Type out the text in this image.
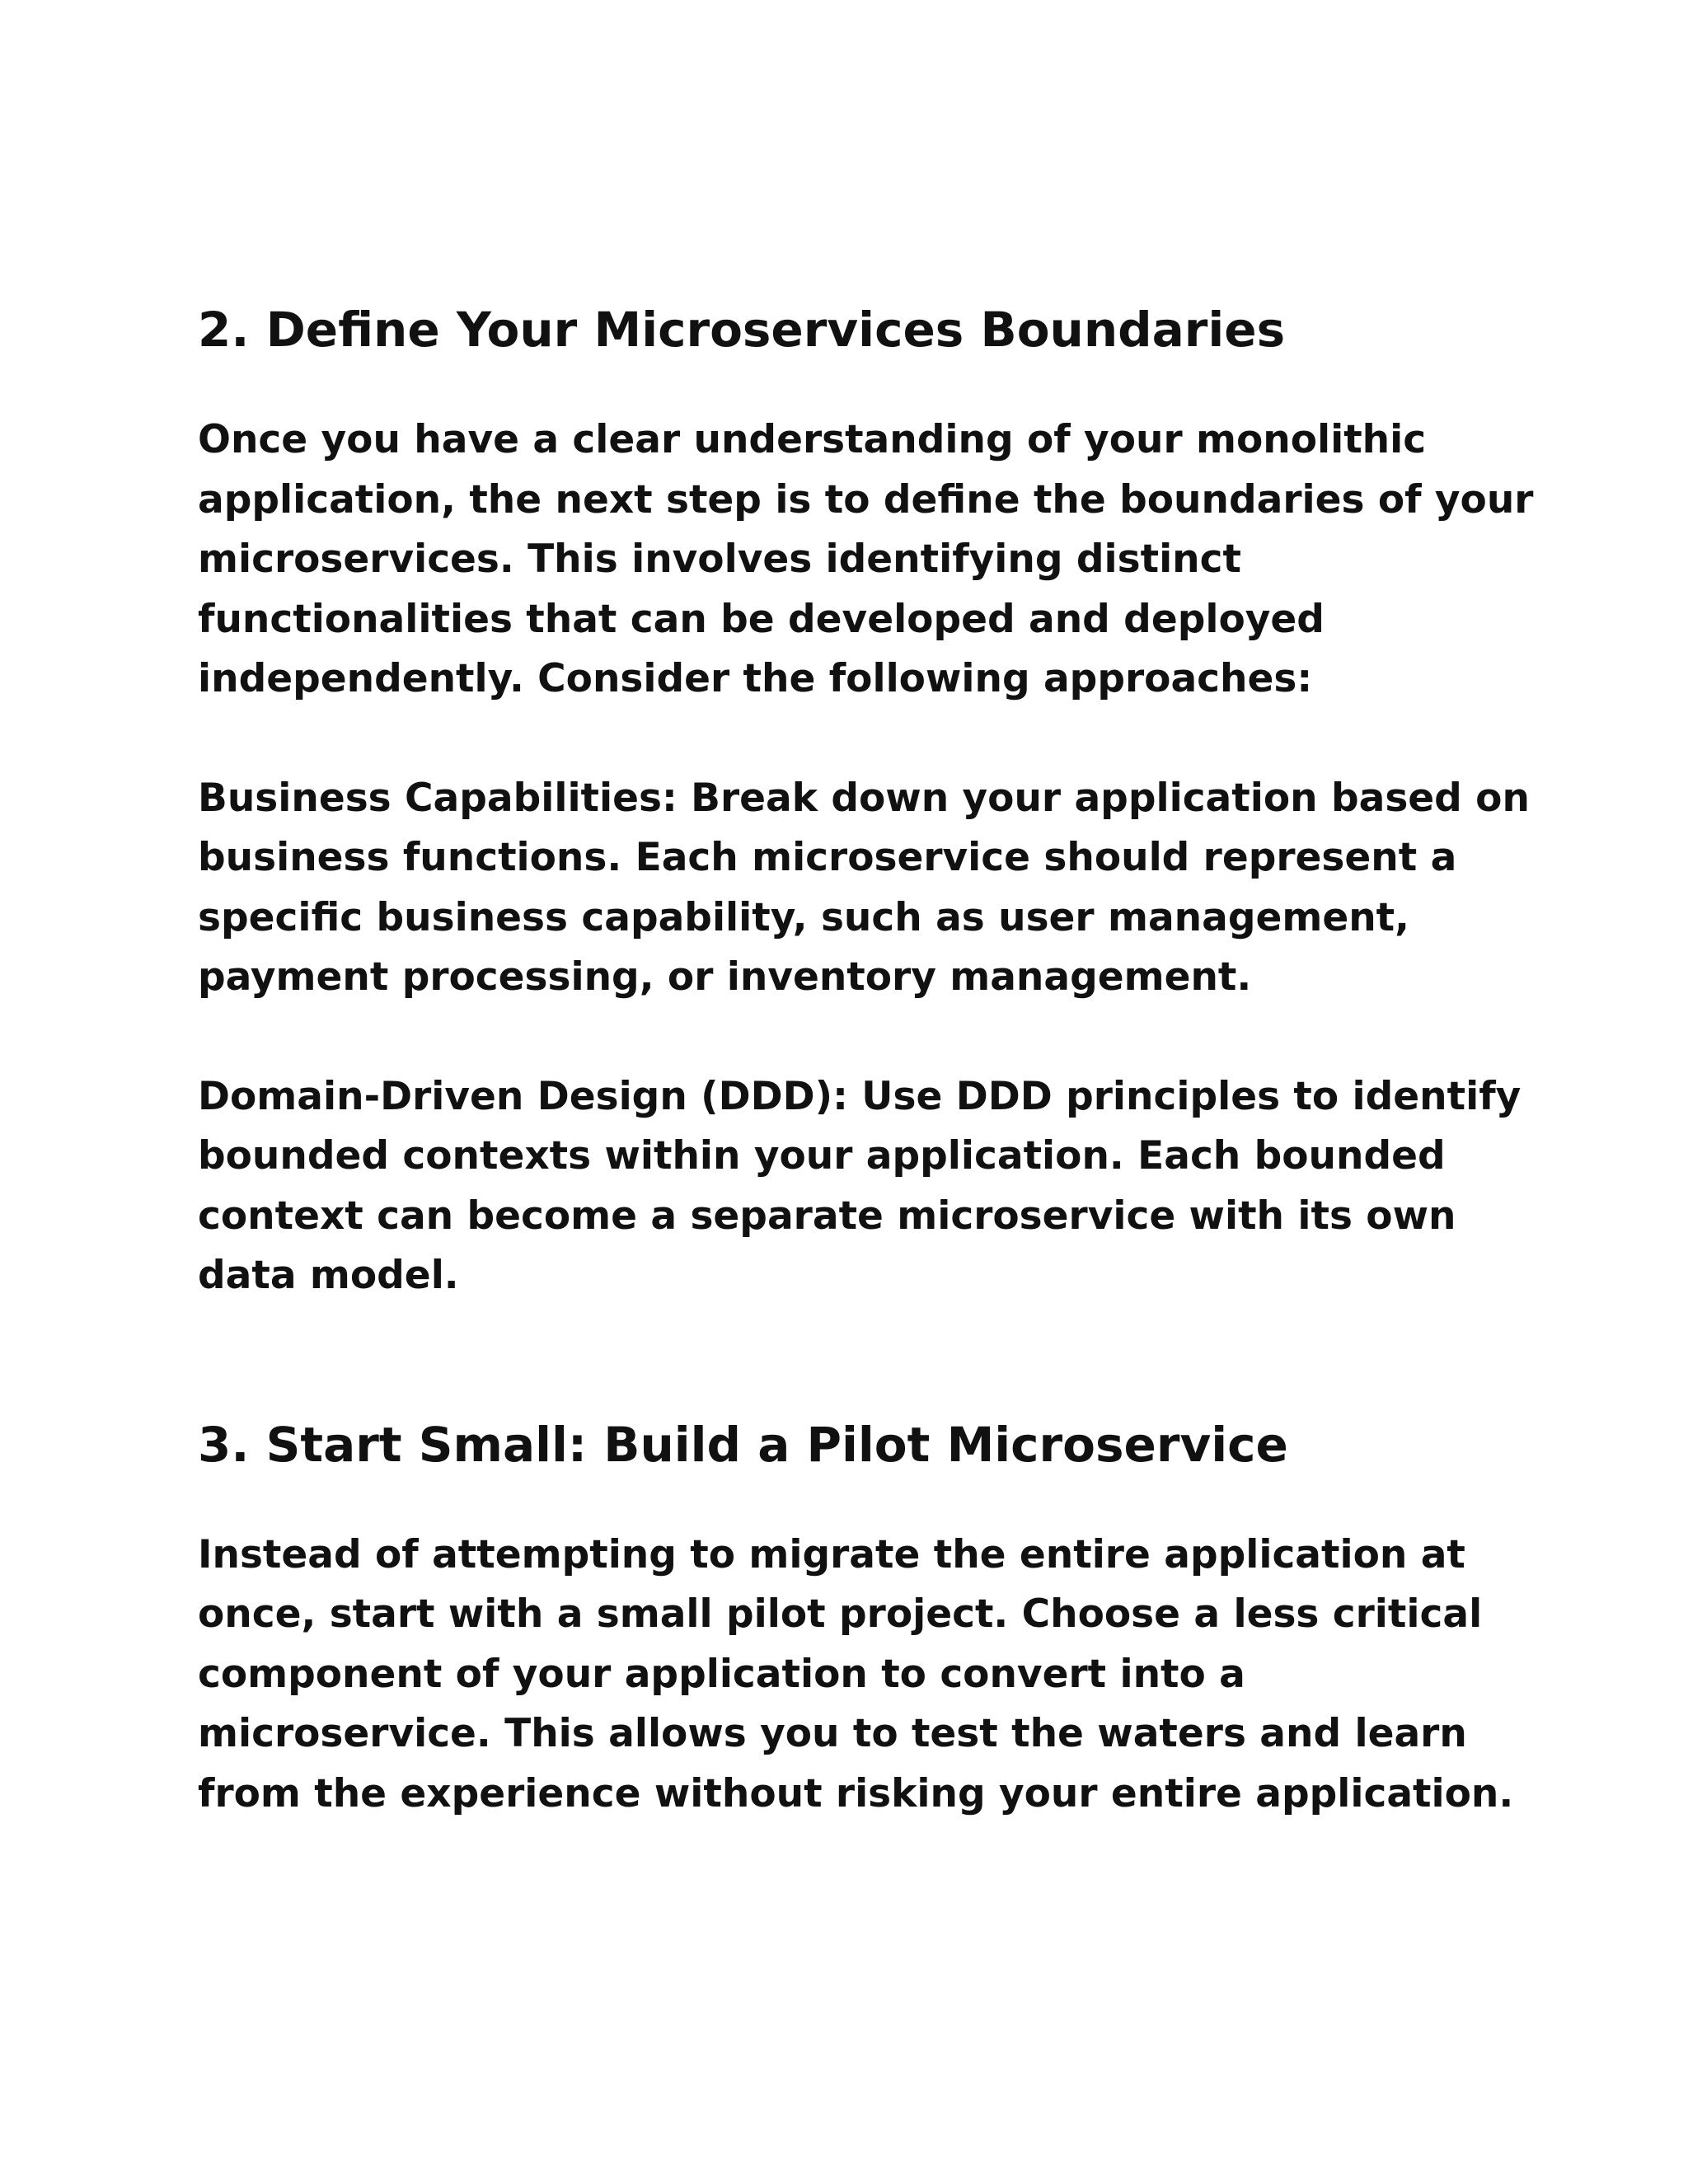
2. Define Your Microservices Boundaries

Once you have a clear understanding of your monolithic
application, the next step is to define the boundaries of your
microservices. This involves identifying distinct
functionalities that can be developed and deployed
independently. Consider the following approaches:

Business Capabilities: Break down your application based on
business functions. Each microservice should represent a
specific business capability, such as user management,
payment processing, or inventory management.

Domain-Driven Design (DDD): Use DDD principles to identify
bounded contexts within your application. Each bounded
context can become a separate microservice with its own
data model.

3. Start Small: Build a Pilot Microservice

Instead of attempting to migrate the entire application at
once, start with a small pilot project. Choose a less critical
component of your application to convert into a
microservice. This allows you to test the waters and learn
from the experience without risking your entire application.
